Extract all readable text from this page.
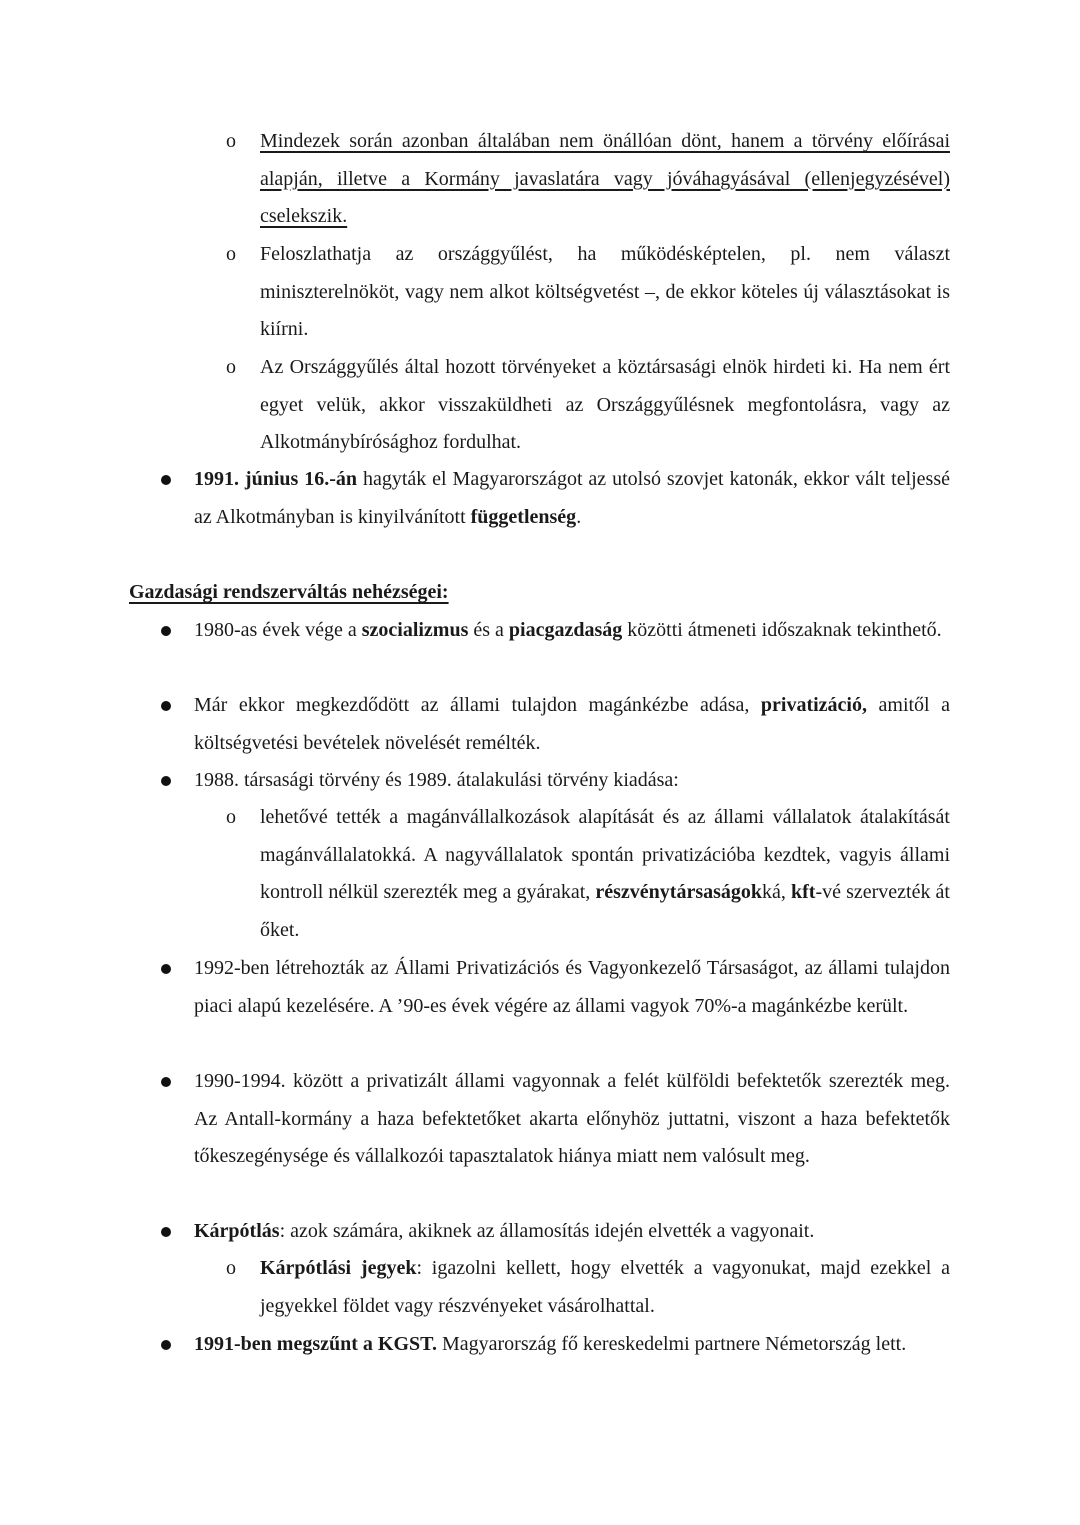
o Mindezek során azonban általában nem önállóan dönt, hanem a törvény előírásai alapján, illetve a Kormány javaslatára vagy jóváhagyásával (ellenjegyzésével) cselekszik.
o Feloszlathatja az országgyűlést, ha működésképtelen, pl. nem választ miniszterelnököt, vagy nem alkot költségvetést –, de ekkor köteles új választásokat is kiírni.
o Az Országgyűlés által hozott törvényeket a köztársasági elnök hirdeti ki. Ha nem ért egyet velük, akkor visszaküldheti az Országgyűlésnek megfontolásra, vagy az Alkotmánybírósághoz fordulhat.
1991. június 16.-án hagyták el Magyarországot az utolsó szovjet katonák, ekkor vált teljessé az Alkotmányban is kinyilvánított függetlenség.
Gazdasági rendszerváltás nehézségei:
1980-as évek vége a szocializmus és a piacgazdaság közötti átmeneti időszaknak tekinthető.
Már ekkor megkezdődött az állami tulajdon magánkézbe adása, privatizáció, amitől a költségvetési bevételek növelését remélték.
1988. társasági törvény és 1989. átalakulási törvény kiadása:
o lehetővé tették a magánvállalkozások alapítását és az állami vállalatok átalakítását magánvállalatokká. A nagyvállalatok spontán privatizációba kezdtek, vagyis állami kontroll nélkül szerezték meg a gyárakat, részvénytársaságokká, kft-vé szervezték át őket.
1992-ben létrehozták az Állami Privatizációs és Vagyonkezelő Társaságot, az állami tulajdon piaci alapú kezelésére. A ’90-es évek végére az állami vagyok 70%-a magánkézbe került.
1990-1994. között a privatizált állami vagyonnak a felét külföldi befektetők szerezték meg. Az Antall-kormány a haza befektetőket akarta előnyhöz juttatni, viszont a haza befektetők tőkeszegénysége és vállalkozói tapasztalatok hiánya miatt nem valósult meg.
Kárpótlás: azok számára, akiknek az államosítás idején elvették a vagyonait.
o Kárpótlási jegyek: igazolni kellett, hogy elvették a vagyonukat, majd ezekkel a jegyekkel földet vagy részvényeket vásárolhattal.
1991-ben megszűnt a KGST. Magyarország fő kereskedelmi partnere Németország lett.
